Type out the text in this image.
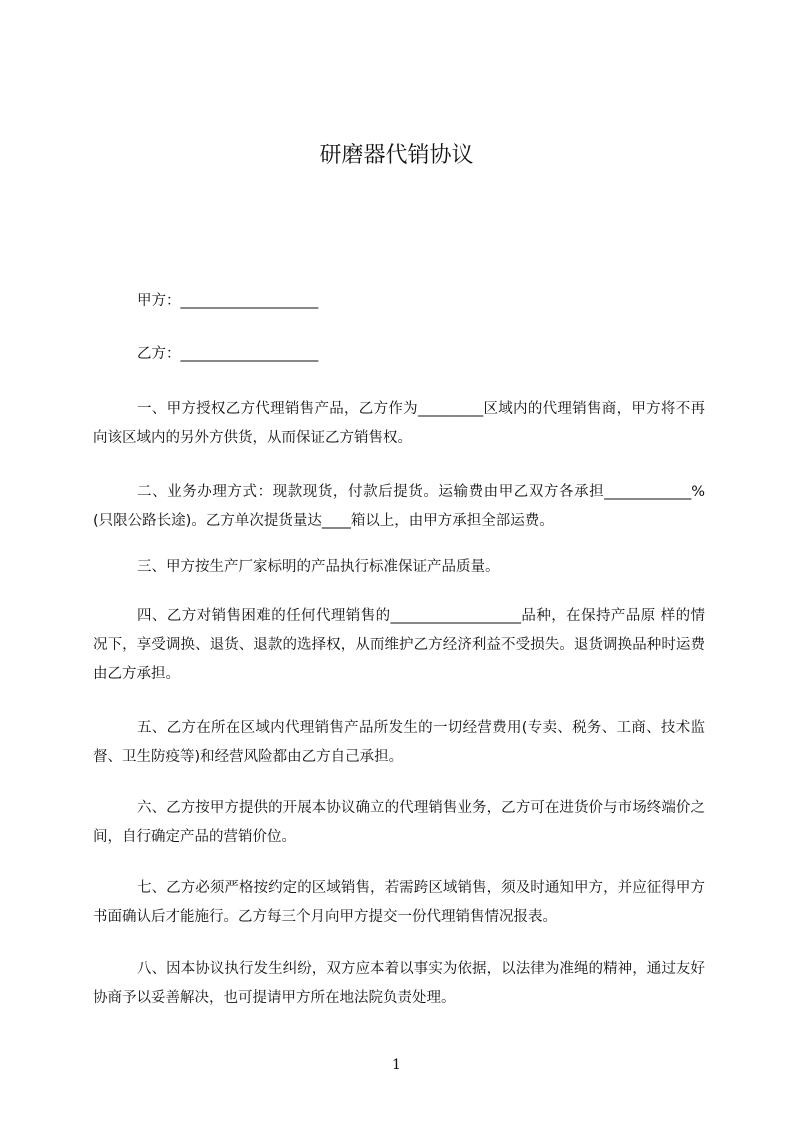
研磨器代销协议
甲方：___________________
乙方：___________________

一、甲方授权乙方代理销售产品，乙方作为_________区域内的代理销售商，甲方将不再向该区域内的另外方供货，从而保证乙方销售权。

二、业务办理方式：现款现货，付款后提货。运输费由甲乙双方各承担____________%(只限公路长途)。乙方单次提货量达____箱以上，由甲方承担全部运费。

三、甲方按生产厂家标明的产品执行标准保证产品质量。

四、乙方对销售困难的任何代理销售的__________________品种，在保持产品原 样的情况下，享受调换、退货、退款的选择权，从而维护乙方经济利益不受损失。退货调换品种时运费由乙方承担。

五、乙方在所在区域内代理销售产品所发生的一切经营费用(专卖、税务、工商、技术监督、卫生防疫等)和经营风险都由乙方自己承担。

六、乙方按甲方提供的开展本协议确立的代理销售业务，乙方可在进货价与市场终端价之间，自行确定产品的营销价位。

七、乙方必须严格按约定的区域销售，若需跨区域销售，须及时通知甲方，并应征得甲方书面确认后才能施行。乙方每三个月向甲方提交一份代理销售情况报表。

八、因本协议执行发生纠纷，双方应本着以事实为依据，以法律为准绳的精神，通过友好协商予以妥善解决，也可提请甲方所在地法院负责处理。

1
